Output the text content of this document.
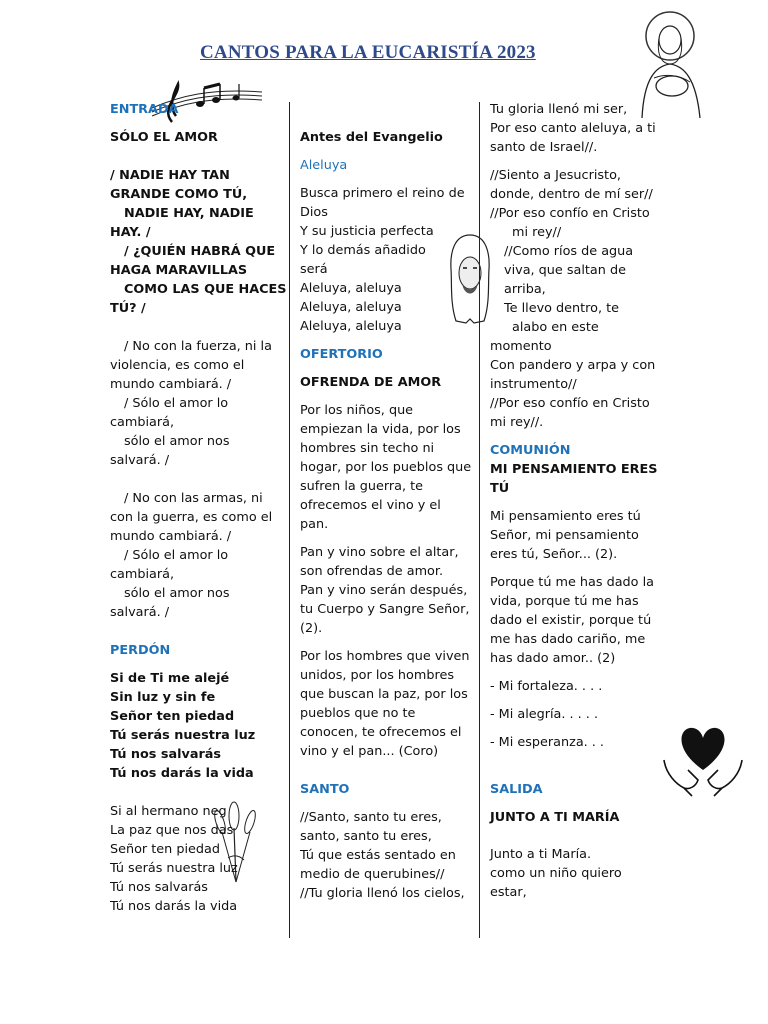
CANTOS PARA LA EUCARISTÍA 2023
ENTRADA
SÓLO EL AMOR
/ NADIE HAY TAN
GRANDE COMO TÚ,
NADIE HAY, NADIE
HAY. /
/ ¿QUIÉN HABRÁ QUE
HAGA MARAVILLAS
COMO LAS QUE HACES
TÚ? /
/ No con la fuerza, ni la
violencia, es como el
mundo cambiará. /
/ Sólo el amor lo
cambiará,
sólo el amor nos
salvará. /
/ No con las armas, ni
con la guerra, es como el
mundo cambiará. /
/ Sólo el amor lo
cambiará,
sólo el amor nos
salvará. /
PERDÓN
Si de Ti me alejé
Sin luz y sin fe
Señor ten piedad
Tú serás nuestra luz
Tú nos salvarás
Tú nos darás la vida
Si al hermano neg
La paz que nos das
Señor ten piedad
Tú serás nuestra luz
Tú nos salvarás
Tú nos darás la vida
Antes del Evangelio
Aleluya
Busca primero el reino de
Dios
Y su justicia perfecta
Y lo demás añadido
será
Aleluya, aleluya
Aleluya, aleluya
Aleluya, aleluya
OFERTORIO
OFRENDA DE AMOR
Por los niños, que
empiezan la vida, por los
hombres sin techo ni
hogar, por los pueblos que
sufren la guerra, te
ofrecemos el vino y el
pan.
Pan y vino sobre el altar,
son ofrendas de amor.
Pan y vino serán después,
tu Cuerpo y Sangre Señor,
(2).
Por los hombres que viven
unidos, por los hombres
que buscan la paz, por los
pueblos que no te
conocen, te ofrecemos el
vino y el pan... (Coro)
SANTO
//Santo, santo tu eres,
santo, santo tu eres,
Tú que estás sentado en
medio de querubines//
//Tu gloria llenó los cielos,
Tu gloria llenó mi ser,
Por eso canto aleluya, a ti
santo de Israel//.
//Siento a Jesucristo,
donde, dentro de mí ser//
//Por eso confío en Cristo
mi rey//
//Como ríos de agua
viva, que saltan de
arriba,
Te llevo dentro, te
alabo en este
momento
Con pandero y arpa y con
instrumento//
//Por eso confío en Cristo
mi rey//.
COMUNIÓN
MI PENSAMIENTO ERES
TÚ
Mi pensamiento eres tú
Señor, mi pensamiento
eres tú, Señor... (2).
Porque tú me has dado la
vida, porque tú me has
dado el existir, porque tú
me has dado cariño, me
has dado amor.. (2)
- Mi fortaleza. . . .
- Mi alegría. . . . .
- Mi esperanza. . .
SALIDA
JUNTO A TI MARÍA
Junto a ti María.
como un niño quiero
estar,
